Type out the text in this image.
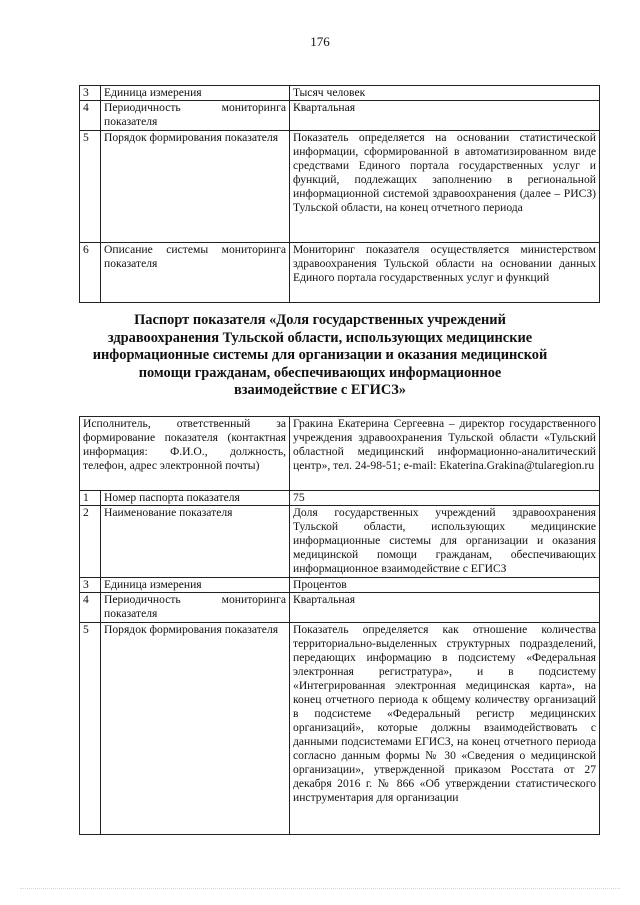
176
3	Единица измерения	Тысяч человек
4	Периодичность мониторинга показателя	Квартальная
5	Порядок формирования показателя	Показатель определяется на основании статистической информации, сформированной в автоматизированном виде средствами Единого портала государственных услуг и функций, подлежащих заполнению в региональной информационной системой здравоохранения (далее – РИСЗ) Тульской области, на конец отчетного периода
6	Описание системы мониторинга показателя	Мониторинг показателя осуществляется министерством здравоохранения Тульской области на основании данных Единого портала государственных услуг и функций
Паспорт показателя «Доля государственных учреждений
здравоохранения Тульской области, использующих медицинские
информационные системы для организации и оказания медицинской
помощи гражданам, обеспечивающих информационное
взаимодействие с ЕГИСЗ»
Исполнитель, ответственный за формирование показателя (контактная информация: Ф.И.О., должность, телефон, адрес электронной почты)		Гракина Екатерина Сергеевна – директор государственного учреждения здравоохранения Тульской области «Тульский областной медицинский информационно-аналитический центр», тел. 24-98-51; e-mail: Ekaterina.Grakina@tularegion.ru
1	Номер паспорта показателя	75
2	Наименование показателя	Доля государственных учреждений здравоохранения Тульской области, использующих медицинские информационные системы для организации и оказания медицинской помощи гражданам, обеспечивающих информационное взаимодействие с ЕГИСЗ
3	Единица измерения	Процентов
4	Периодичность мониторинга показателя	Квартальная
5	Порядок формирования показателя	Показатель определяется как отношение количества территориально-выделенных структурных подразделений, передающих информацию в подсистему «Федеральная электронная регистратура», и в подсистему «Интегрированная электронная медицинская карта», на конец отчетного периода к общему количеству организаций в подсистеме «Федеральный регистр медицинских организаций», которые должны взаимодействовать с данными подсистемами ЕГИСЗ, на конец отчетного периода согласно данным формы № 30 «Сведения о медицинской организации», утвержденной приказом Росстата от 27 декабря 2016 г. № 866 «Об утверждении статистического инструментария для организации
